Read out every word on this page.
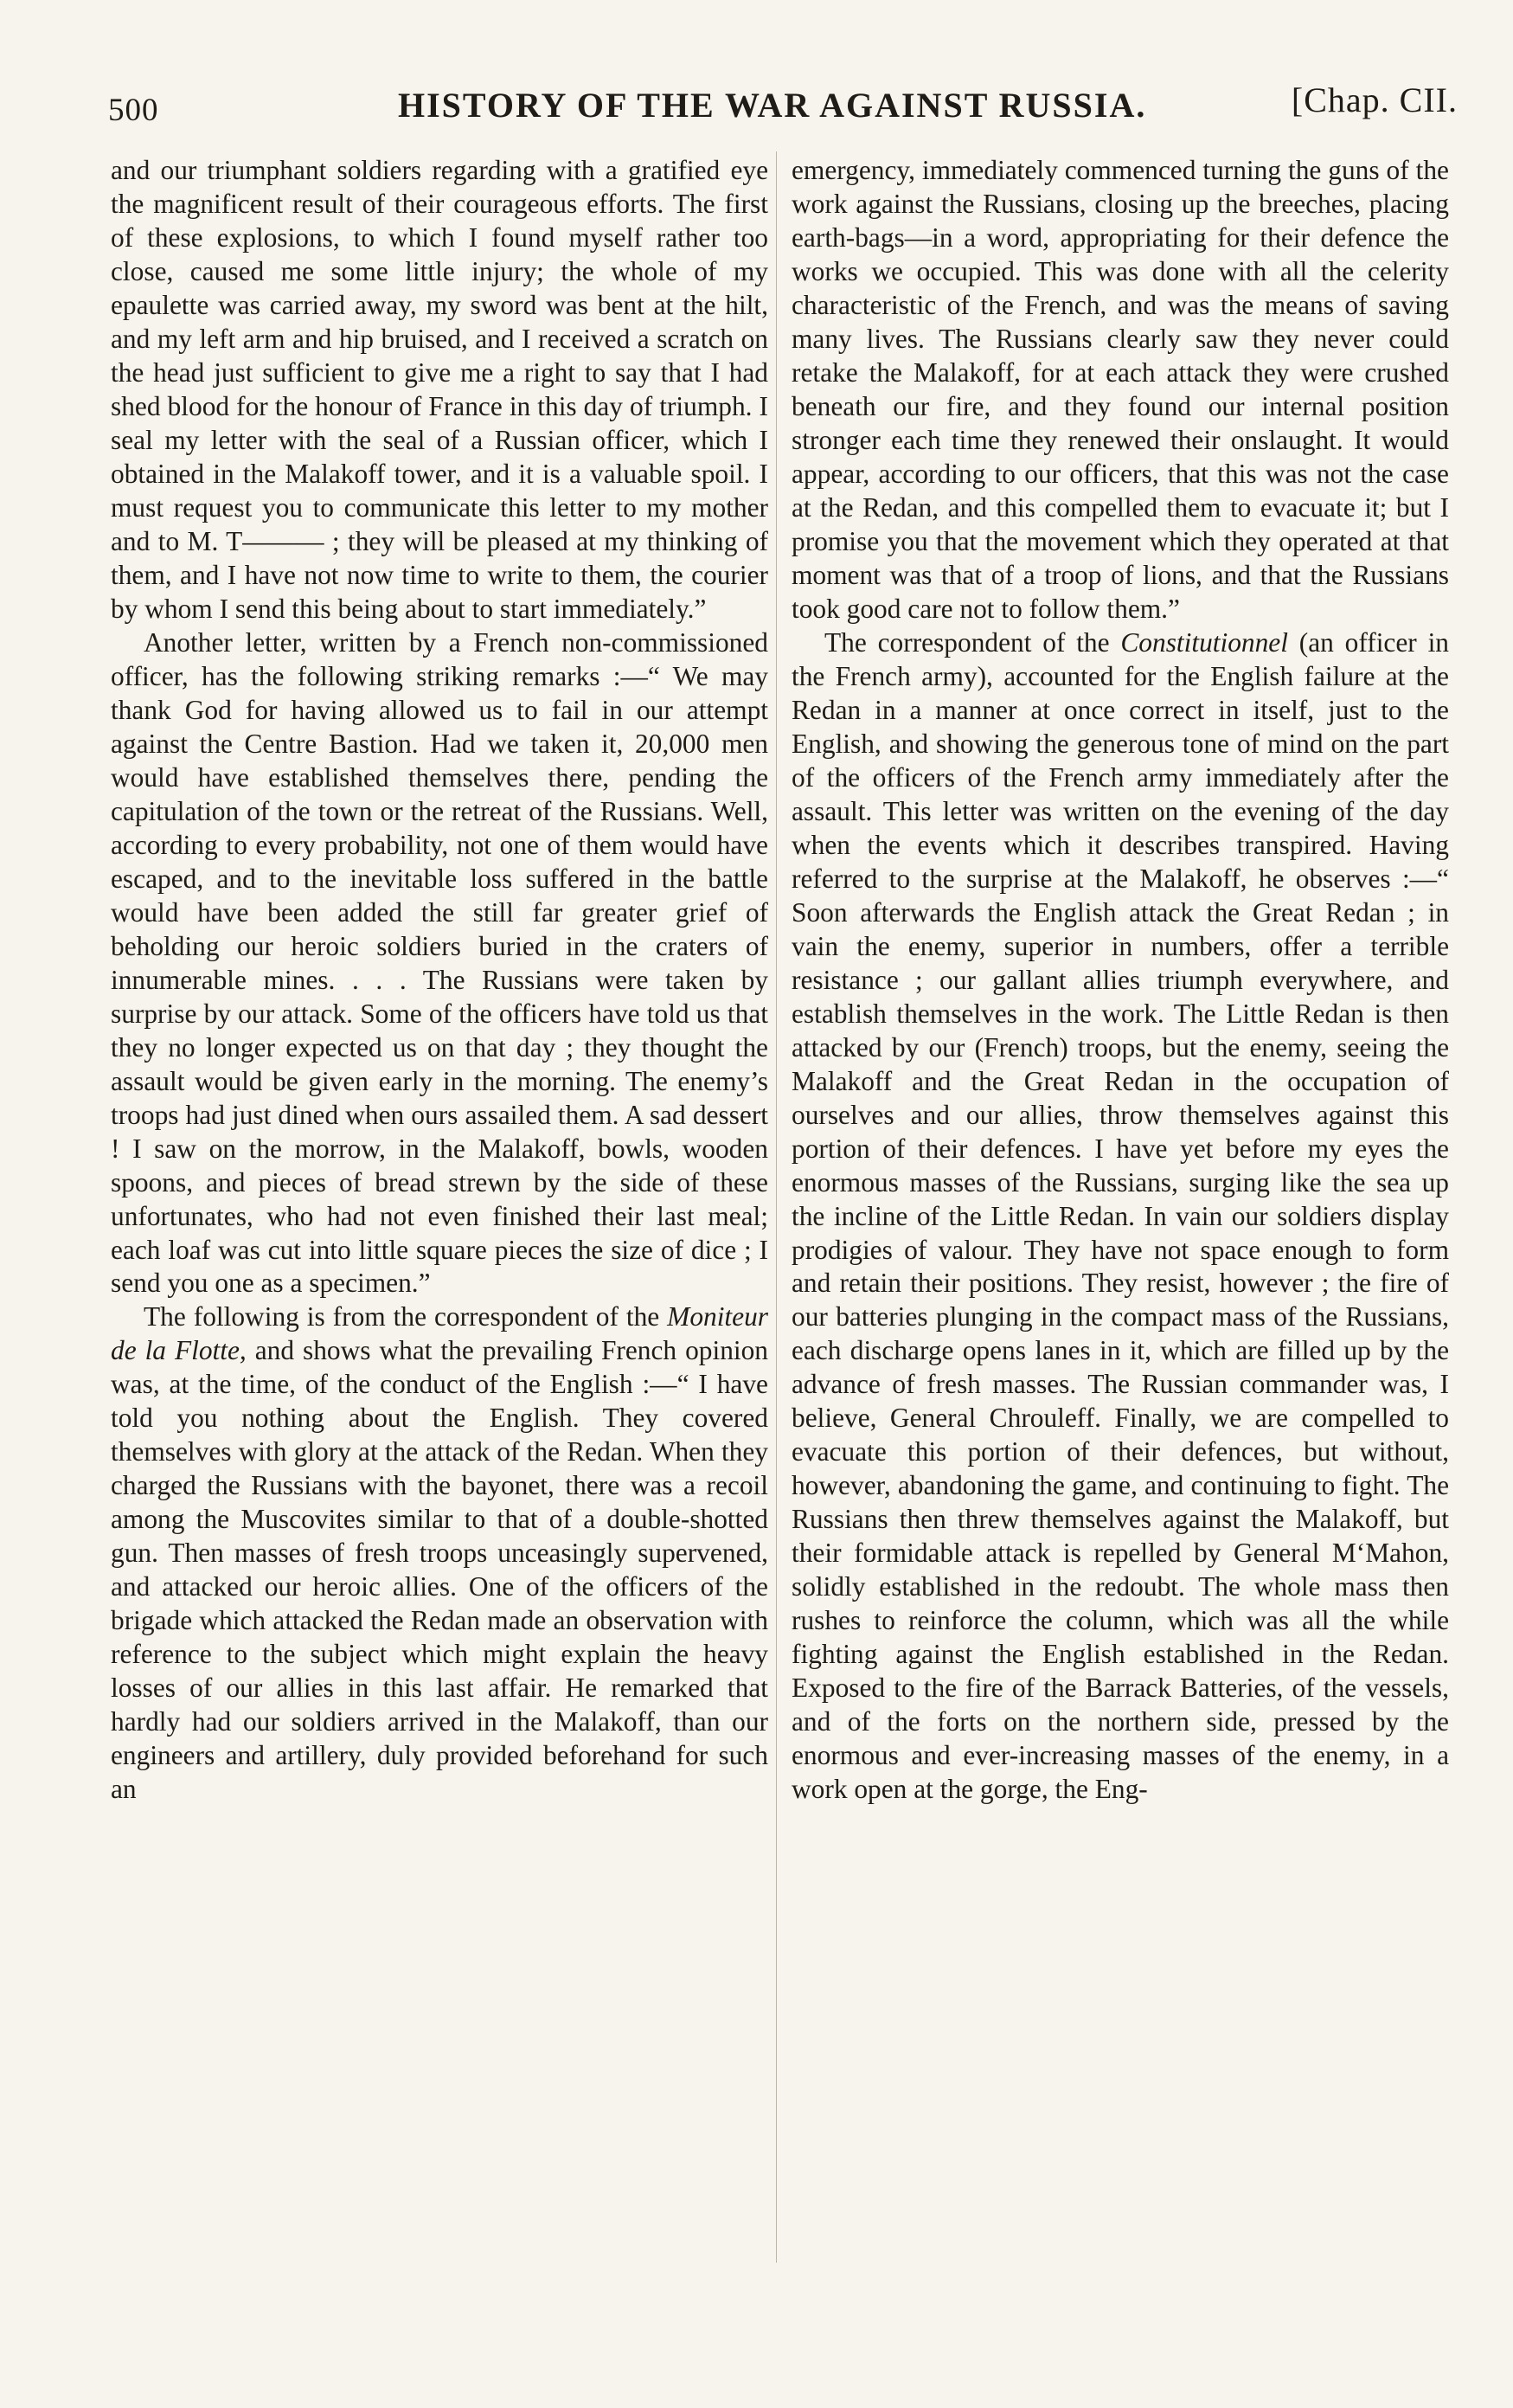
500	HISTORY OF THE WAR AGAINST RUSSIA.	[Chap. CII.

and our triumphant soldiers regarding with a gratified eye the magnificent result of their courageous efforts. The first of these explosions, to which I found myself rather too close, caused me some little injury; the whole of my epaulette was carried away, my sword was bent at the hilt, and my left arm and hip bruised, and I received a scratch on the head just sufficient to give me a right to say that I had shed blood for the honour of France in this day of triumph. I seal my letter with the seal of a Russian officer, which I obtained in the Malakoff tower, and it is a valuable spoil. I must request you to communicate this letter to my mother and to M. T——— ; they will be pleased at my thinking of them, and I have not now time to write to them, the courier by whom I send this being about to start immediately.”

Another letter, written by a French non-commissioned officer, has the following striking remarks :—“ We may thank God for having allowed us to fail in our attempt against the Centre Bastion. Had we taken it, 20,000 men would have established themselves there, pending the capitulation of the town or the retreat of the Russians. Well, according to every probability, not one of them would have escaped, and to the inevitable loss suffered in the battle would have been added the still far greater grief of beholding our heroic soldiers buried in the craters of innumerable mines. . . . The Russians were taken by surprise by our attack. Some of the officers have told us that they no longer expected us on that day ; they thought the assault would be given early in the morning. The enemy’s troops had just dined when ours assailed them. A sad dessert ! I saw on the morrow, in the Malakoff, bowls, wooden spoons, and pieces of bread strewn by the side of these unfortunates, who had not even finished their last meal; each loaf was cut into little square pieces the size of dice ; I send you one as a specimen.”

The following is from the correspondent of the Moniteur de la Flotte, and shows what the prevailing French opinion was, at the time, of the conduct of the English :—“ I have told you nothing about the English. They covered themselves with glory at the attack of the Redan. When they charged the Russians with the bayonet, there was a recoil among the Muscovites similar to that of a double-shotted gun. Then masses of fresh troops unceasingly supervened, and attacked our heroic allies. One of the officers of the brigade which attacked the Redan made an observation with reference to the subject which might explain the heavy losses of our allies in this last affair. He remarked that hardly had our soldiers arrived in the Malakoff, than our engineers and artillery, duly provided beforehand for such an

emergency, immediately commenced turning the guns of the work against the Russians, closing up the breeches, placing earth-bags—in a word, appropriating for their defence the works we occupied. This was done with all the celerity characteristic of the French, and was the means of saving many lives. The Russians clearly saw they never could retake the Malakoff, for at each attack they were crushed beneath our fire, and they found our internal position stronger each time they renewed their onslaught. It would appear, according to our officers, that this was not the case at the Redan, and this compelled them to evacuate it; but I promise you that the movement which they operated at that moment was that of a troop of lions, and that the Russians took good care not to follow them.”

The correspondent of the Constitutionnel (an officer in the French army), accounted for the English failure at the Redan in a manner at once correct in itself, just to the English, and showing the generous tone of mind on the part of the officers of the French army immediately after the assault. This letter was written on the evening of the day when the events which it describes transpired. Having referred to the surprise at the Malakoff, he observes :—“ Soon afterwards the English attack the Great Redan ; in vain the enemy, superior in numbers, offer a terrible resistance ; our gallant allies triumph everywhere, and establish themselves in the work. The Little Redan is then attacked by our (French) troops, but the enemy, seeing the Malakoff and the Great Redan in the occupation of ourselves and our allies, throw themselves against this portion of their defences. I have yet before my eyes the enormous masses of the Russians, surging like the sea up the incline of the Little Redan. In vain our soldiers display prodigies of valour. They have not space enough to form and retain their positions. They resist, however ; the fire of our batteries plunging in the compact mass of the Russians, each discharge opens lanes in it, which are filled up by the advance of fresh masses. The Russian commander was, I believe, General Chrouleff. Finally, we are compelled to evacuate this portion of their defences, but without, however, abandoning the game, and continuing to fight. The Russians then threw themselves against the Malakoff, but their formidable attack is repelled by General M‘Mahon, solidly established in the redoubt. The whole mass then rushes to reinforce the column, which was all the while fighting against the English established in the Redan. Exposed to the fire of the Barrack Batteries, of the vessels, and of the forts on the northern side, pressed by the enormous and ever-increasing masses of the enemy, in a work open at the gorge, the Eng-
